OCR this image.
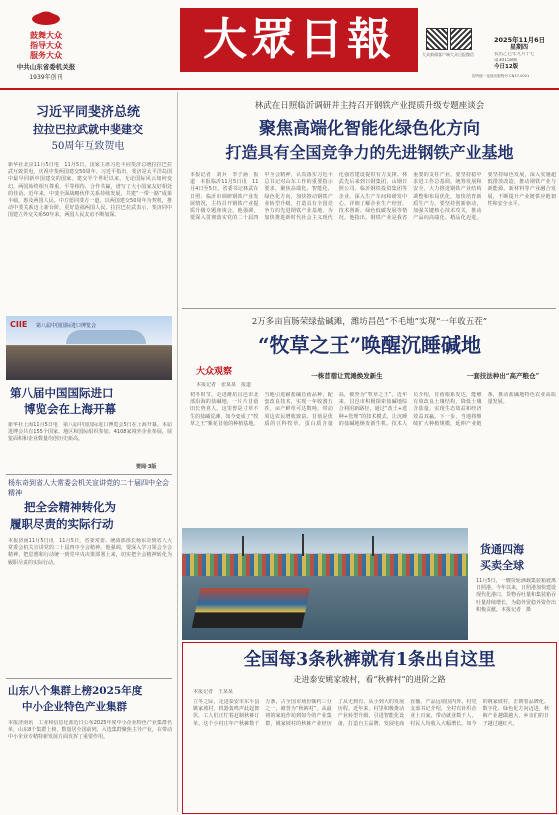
鼓舞大众
指导大众
服务大众
中共山东省委机关报
1939年创刊
大眾日報	大众新闻客户端 大众日报微信
2025年11月6日
星期四
农历乙巳年九月十七
第30158期
今日12版
国内统一连续出版物号 CN37-0001
习近平同斐济总统
拉拉巴拉武就中斐建交
50周年互致贺电
新华社北京11月5日电　11月5日，国家主席习近平同斐济总统拉拉巴拉武互致贺电，庆祝中斐两国建交50周年。习近平指出，斐济是太平洋岛国中最早同新中国建交的国家。建交半个世纪以来，无论国际风云如何变幻，两国始终相互尊重、平等相待、合作共赢，谱写了大小国家友好相处的佳话。近年来，中斐全面战略伙伴关系持续发展，共建“一带一路”成果丰硕，惠及两国人民。中方愿同斐方一道，以两国建交50周年为契机，推动中斐关系迈上新台阶，更好造福两国人民。拉拉巴拉武表示，斐济同中国建立外交关系50年来，两国人民友谊不断加深。
CIIE 第八届中国国际进口博览会
第八届中国国际进口
博览会在上海开幕
新华社上海11月5日电　第八届中国国际进口博览会5日在上海开幕。本届进博会共有155个国家、地区和国际组织参加，4108家境外企业参展，展览面积和企业数量均创历史新高。
要闻·3版
杨东奇到省人大常委会机关宣讲党的二十届四中全会精神
把全会精神转化为
履职尽责的实际行动
本报济南11月5日讯　11月5日，省委常委、统战部部长杨东奇到省人大常委会机关宣讲党的二十届四中全会精神。他强调，要深入学习领会全会精神，把思想和行动统一到党中央决策部署上来，切实把全会精神转化为履职尽责的实际行动。
山东八个集群上榜2025年度
中小企业特色产业集群
本报济南讯　工业和信息化部近日公布2025年度中小企业特色产业集群名单，山东8个集群上榜，数量居全国前列。入选集群聚焦主导产业，在带动中小企业专精特新发展方面发挥了重要作用。
林武在日照临沂调研并主持召开钢铁产业提质升级专题座谈会
聚焦高端化智能化绿色化方向
打造具有全国竞争力的先进钢铁产业基地
本报记者　刘兵　李子涵　报道　本报临沂11月5日讯　11月4日至5日，省委书记林武在日照、临沂市调研钢铁产业发展情况，主持召开钢铁产业提质升级专题座谈会。他强调，要深入贯彻落实党的二十届四中全会精神，认真落实习近平总书记对山东工作的重要指示要求，聚焦高端化、智能化、绿色化方向，加快推动钢铁产业转型升级，打造具有全国竞争力的先进钢铁产业基地，为加快推进新时代社会主义现代化强省建设提供有力支撑。林武先后来到日钢集团、山钢日照公司、临沂钢铁投资集团等企业，深入生产车间和研发中心，详细了解企业生产经营、技术创新、绿色低碳发展等情况。他指出，钢铁产业是我省重要的支柱产业，要坚持稳中求进工作总基调，统筹发展和安全，大力推进钢铁产业结构调整和布局优化，加快培育新质生产力。要坚持创新驱动，加强关键核心技术攻关，推动产品向高端化、精品化迈进。要坚持绿色发展，深入实施超低排放改造，推动钢铁产业与新能源、新材料等产业融合发展，不断提升产业链供应链韧性和安全水平。
2万多亩盲肠荣绿盐碱滩，潍坊昌邑“不毛地”实现“一年收五茬”
“牧草之王”唤醒沉睡碱地
大众观察
本报记者　张某某　报道
一株苜蓿让荒滩焕发新生	一套技法种出“高产粮仓”
初冬时节，走进潍坊昌邑市北部沿海的盐碱地，一片片苜蓿田长势喜人。这里曾是寸草不生的盐碱荒滩，如今变成了“牧草之王”紫花苜蓿的种植基地。当地引进耐盐碱苜蓿品种，配套改良技术，实现一年收割五茬，亩产鲜草可达数吨，带动周边农民增收致富。苜蓿是优质的豆科牧草，蛋白质含量高，被誉为“牧草之王”。近年来，昌邑市积极探索盐碱地综合利用新路径，通过“改土+选种+管理”的技术模式，让沉睡的盐碱地焕发新生机。技术人员介绍，苜蓿根系发达，能够有效改良土壤结构，降低土壤含盐量，实现生态效益和经济效益双赢。下一步，当地将继续扩大种植规模，延伸产业链条，推动盐碱地特色农业高质量发展。
货通四海
买卖全球
11月5日，一艘货轮满载集装箱驶离日照港。今年以来，日照港加快建设现代化港口，货物吞吐量和集装箱吞吐量持续增长，为稳外贸稳外资作出积极贡献。本报记者　摄
全国每3条秋裤就有1条出自这里
走进泰安姚家坡村，看“秋裤村”的进阶之路
本报记者　王某某
立冬之际，走进泰安市东平县姚家坡村，机器轰鸣声此起彼伏，工人们正忙着赶制秋裤订单。这个小村庄年产秋裤数千万条，占全国市场份额约三分之一，被誉为“秋裤村”。从最初的家庭作坊到如今的产业集群，姚家坡村的秋裤产业经历了从无到有、从小到大的发展历程。近年来，村里积极推动产业转型升级，引进智能化设备，打造自主品牌，发展电商直播，产品远销国内外。村党支部书记介绍，全村有针织企业上百家，带动就业数千人，村民人均收入大幅增长。如今的姚家坡村，正朝着品牌化、数字化、绿色化方向迈进，秋裤产业越做越大，乡亲们的日子越过越红火。
